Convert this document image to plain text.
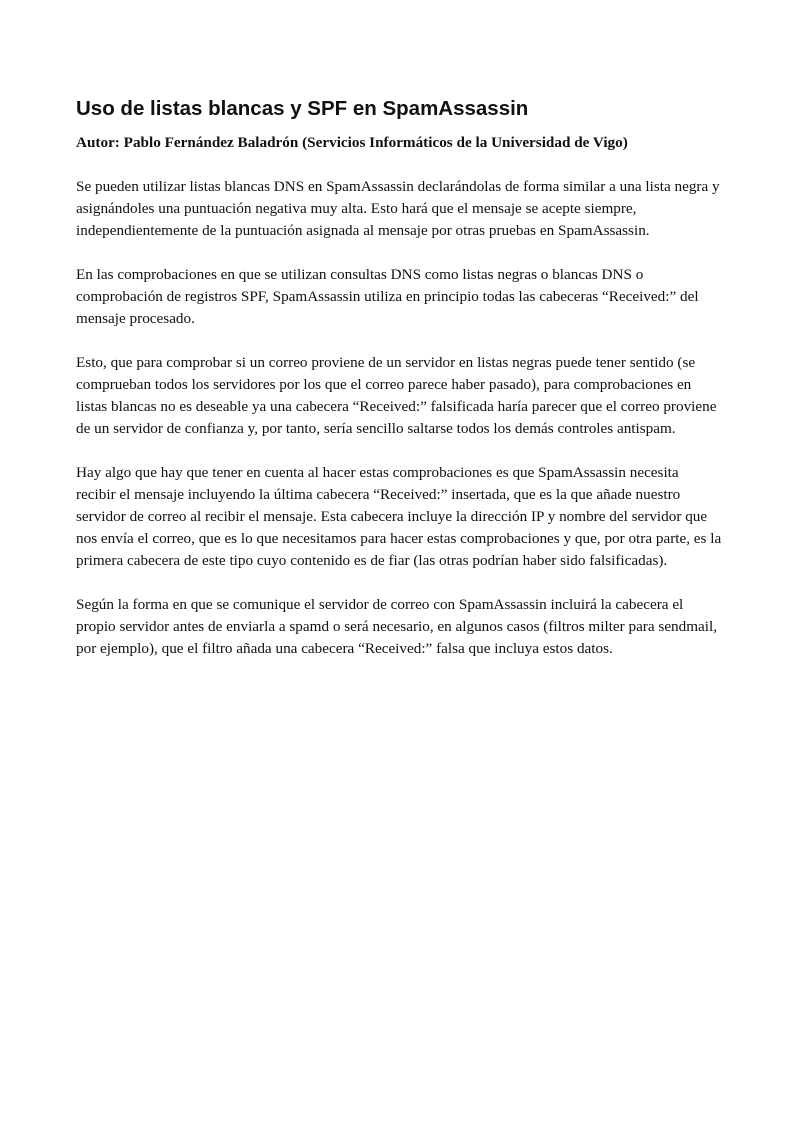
Uso de listas blancas y SPF en SpamAssassin

Autor: Pablo Fernández Baladrón (Servicios Informáticos de la Universidad de Vigo)

Se pueden utilizar listas blancas DNS en SpamAssassin declarándolas de forma similar a una lista negra y asignándoles una puntuación negativa muy alta. Esto hará que el mensaje se acepte siempre, independientemente de la puntuación asignada al mensaje por otras pruebas en SpamAssassin.

En las comprobaciones en que se utilizan consultas DNS como listas negras o blancas DNS o comprobación de registros SPF, SpamAssassin utiliza en principio todas las cabeceras “Received:” del mensaje procesado.

Esto, que para comprobar si un correo proviene de un servidor en listas negras puede tener sentido (se comprueban todos los servidores por los que el correo parece haber pasado), para comprobaciones en listas blancas no es deseable ya una cabecera “Received:” falsificada haría parecer que el correo proviene de un servidor de confianza y, por tanto, sería sencillo saltarse todos los demás controles antispam.

Hay algo que hay que tener en cuenta al hacer estas comprobaciones es que SpamAssassin necesita recibir el mensaje incluyendo la última cabecera “Received:” insertada, que es la que añade nuestro servidor de correo al recibir el mensaje. Esta cabecera incluye la dirección IP y nombre del servidor que nos envía el correo, que es lo que necesitamos para hacer estas comprobaciones y que, por otra parte, es la primera cabecera de este tipo cuyo contenido es de fiar (las otras podrían haber sido falsificadas).

Según la forma en que se comunique el servidor de correo con SpamAssassin incluirá la cabecera el propio servidor antes de enviarla a spamd o será necesario, en algunos casos (filtros milter para sendmail, por ejemplo), que el filtro añada una cabecera “Received:” falsa que incluya estos datos.
